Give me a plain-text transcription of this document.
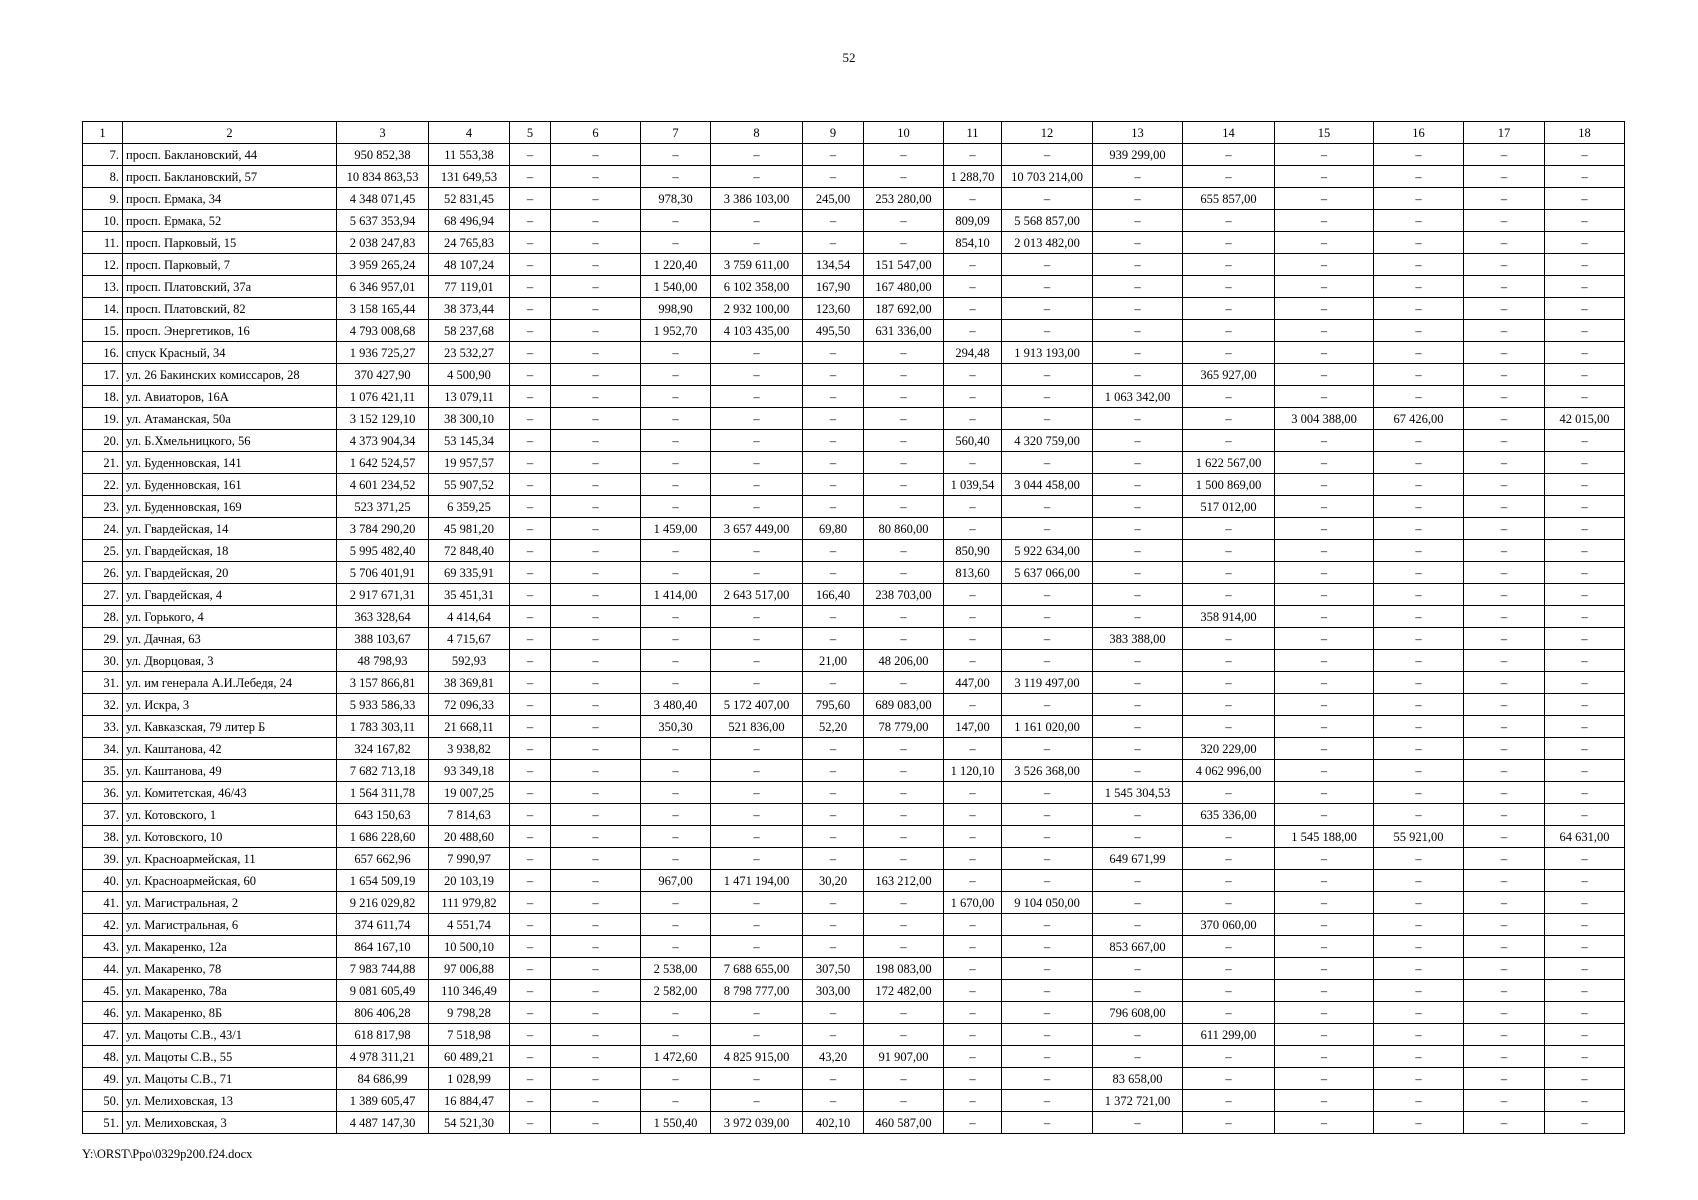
52
1	2	3	4	5	6	7	8	9	10	11	12	13	14	15	16	17	18
7.	просп. Баклановский, 44	950 852,38	11 553,38	–	–	–	–	–	–	–	–	939 299,00	–	–	–	–	–
8.	просп. Баклановский, 57	10 834 863,53	131 649,53	–	–	–	–	–	–	1 288,70	10 703 214,00	–	–	–	–	–	–
9.	просп. Ермака, 34	4 348 071,45	52 831,45	–	–	978,30	3 386 103,00	245,00	253 280,00	–	–	–	655 857,00	–	–	–	–
10.	просп. Ермака, 52	5 637 353,94	68 496,94	–	–	–	–	–	–	809,09	5 568 857,00	–	–	–	–	–	–
11.	просп. Парковый, 15	2 038 247,83	24 765,83	–	–	–	–	–	–	854,10	2 013 482,00	–	–	–	–	–	–
12.	просп. Парковый, 7	3 959 265,24	48 107,24	–	–	1 220,40	3 759 611,00	134,54	151 547,00	–	–	–	–	–	–	–	–
13.	просп. Платовский, 37а	6 346 957,01	77 119,01	–	–	1 540,00	6 102 358,00	167,90	167 480,00	–	–	–	–	–	–	–	–
14.	просп. Платовский, 82	3 158 165,44	38 373,44	–	–	998,90	2 932 100,00	123,60	187 692,00	–	–	–	–	–	–	–	–
15.	просп. Энергетиков, 16	4 793 008,68	58 237,68	–	–	1 952,70	4 103 435,00	495,50	631 336,00	–	–	–	–	–	–	–	–
16.	спуск Красный, 34	1 936 725,27	23 532,27	–	–	–	–	–	–	294,48	1 913 193,00	–	–	–	–	–	–
17.	ул. 26 Бакинских комиссаров, 28	370 427,90	4 500,90	–	–	–	–	–	–	–	–	–	365 927,00	–	–	–	–
18.	ул. Авиаторов, 16А	1 076 421,11	13 079,11	–	–	–	–	–	–	–	–	1 063 342,00	–	–	–	–	–
19.	ул. Атаманская, 50а	3 152 129,10	38 300,10	–	–	–	–	–	–	–	–	–	–	3 004 388,00	67 426,00	–	42 015,00
20.	ул. Б.Хмельницкого, 56	4 373 904,34	53 145,34	–	–	–	–	–	–	560,40	4 320 759,00	–	–	–	–	–	–
21.	ул. Буденновская, 141	1 642 524,57	19 957,57	–	–	–	–	–	–	–	–	–	1 622 567,00	–	–	–	–
22.	ул. Буденновская, 161	4 601 234,52	55 907,52	–	–	–	–	–	–	1 039,54	3 044 458,00	–	1 500 869,00	–	–	–	–
23.	ул. Буденновская, 169	523 371,25	6 359,25	–	–	–	–	–	–	–	–	–	517 012,00	–	–	–	–
24.	ул. Гвардейская, 14	3 784 290,20	45 981,20	–	–	1 459,00	3 657 449,00	69,80	80 860,00	–	–	–	–	–	–	–	–
25.	ул. Гвардейская, 18	5 995 482,40	72 848,40	–	–	–	–	–	–	850,90	5 922 634,00	–	–	–	–	–	–
26.	ул. Гвардейская, 20	5 706 401,91	69 335,91	–	–	–	–	–	–	813,60	5 637 066,00	–	–	–	–	–	–
27.	ул. Гвардейская, 4	2 917 671,31	35 451,31	–	–	1 414,00	2 643 517,00	166,40	238 703,00	–	–	–	–	–	–	–	–
28.	ул. Горького, 4	363 328,64	4 414,64	–	–	–	–	–	–	–	–	–	358 914,00	–	–	–	–
29.	ул. Дачная, 63	388 103,67	4 715,67	–	–	–	–	–	–	–	–	383 388,00	–	–	–	–	–
30.	ул. Дворцовая, 3	48 798,93	592,93	–	–	–	–	21,00	48 206,00	–	–	–	–	–	–	–	–
31.	ул. им генерала А.И.Лебедя, 24	3 157 866,81	38 369,81	–	–	–	–	–	–	447,00	3 119 497,00	–	–	–	–	–	–
32.	ул. Искра, 3	5 933 586,33	72 096,33	–	–	3 480,40	5 172 407,00	795,60	689 083,00	–	–	–	–	–	–	–	–
33.	ул. Кавказская, 79 литер Б	1 783 303,11	21 668,11	–	–	350,30	521 836,00	52,20	78 779,00	147,00	1 161 020,00	–	–	–	–	–	–
34.	ул. Каштанова, 42	324 167,82	3 938,82	–	–	–	–	–	–	–	–	–	320 229,00	–	–	–	–
35.	ул. Каштанова, 49	7 682 713,18	93 349,18	–	–	–	–	–	–	1 120,10	3 526 368,00	–	4 062 996,00	–	–	–	–
36.	ул. Комитетская, 46/43	1 564 311,78	19 007,25	–	–	–	–	–	–	–	–	1 545 304,53	–	–	–	–	–
37.	ул. Котовского, 1	643 150,63	7 814,63	–	–	–	–	–	–	–	–	–	635 336,00	–	–	–	–
38.	ул. Котовского, 10	1 686 228,60	20 488,60	–	–	–	–	–	–	–	–	–	–	1 545 188,00	55 921,00	–	64 631,00
39.	ул. Красноармейская, 11	657 662,96	7 990,97	–	–	–	–	–	–	–	–	649 671,99	–	–	–	–	–
40.	ул. Красноармейская, 60	1 654 509,19	20 103,19	–	–	967,00	1 471 194,00	30,20	163 212,00	–	–	–	–	–	–	–	–
41.	ул. Магистральная, 2	9 216 029,82	111 979,82	–	–	–	–	–	–	1 670,00	9 104 050,00	–	–	–	–	–	–
42.	ул. Магистральная, 6	374 611,74	4 551,74	–	–	–	–	–	–	–	–	–	370 060,00	–	–	–	–
43.	ул. Макаренко, 12а	864 167,10	10 500,10	–	–	–	–	–	–	–	–	853 667,00	–	–	–	–	–
44.	ул. Макаренко, 78	7 983 744,88	97 006,88	–	–	2 538,00	7 688 655,00	307,50	198 083,00	–	–	–	–	–	–	–	–
45.	ул. Макаренко, 78а	9 081 605,49	110 346,49	–	–	2 582,00	8 798 777,00	303,00	172 482,00	–	–	–	–	–	–	–	–
46.	ул. Макаренко, 8Б	806 406,28	9 798,28	–	–	–	–	–	–	–	–	796 608,00	–	–	–	–	–
47.	ул. Мацоты С.В., 43/1	618 817,98	7 518,98	–	–	–	–	–	–	–	–	–	611 299,00	–	–	–	–
48.	ул. Мацоты С.В., 55	4 978 311,21	60 489,21	–	–	1 472,60	4 825 915,00	43,20	91 907,00	–	–	–	–	–	–	–	–
49.	ул. Мацоты С.В., 71	84 686,99	1 028,99	–	–	–	–	–	–	–	–	83 658,00	–	–	–	–	–
50.	ул. Мелиховская, 13	1 389 605,47	16 884,47	–	–	–	–	–	–	–	–	1 372 721,00	–	–	–	–	–
51.	ул. Мелиховская, 3	4 487 147,30	54 521,30	–	–	1 550,40	3 972 039,00	402,10	460 587,00	–	–	–	–	–	–	–	–
Y:\ORST\Ppo\0329p200.f24.docx
